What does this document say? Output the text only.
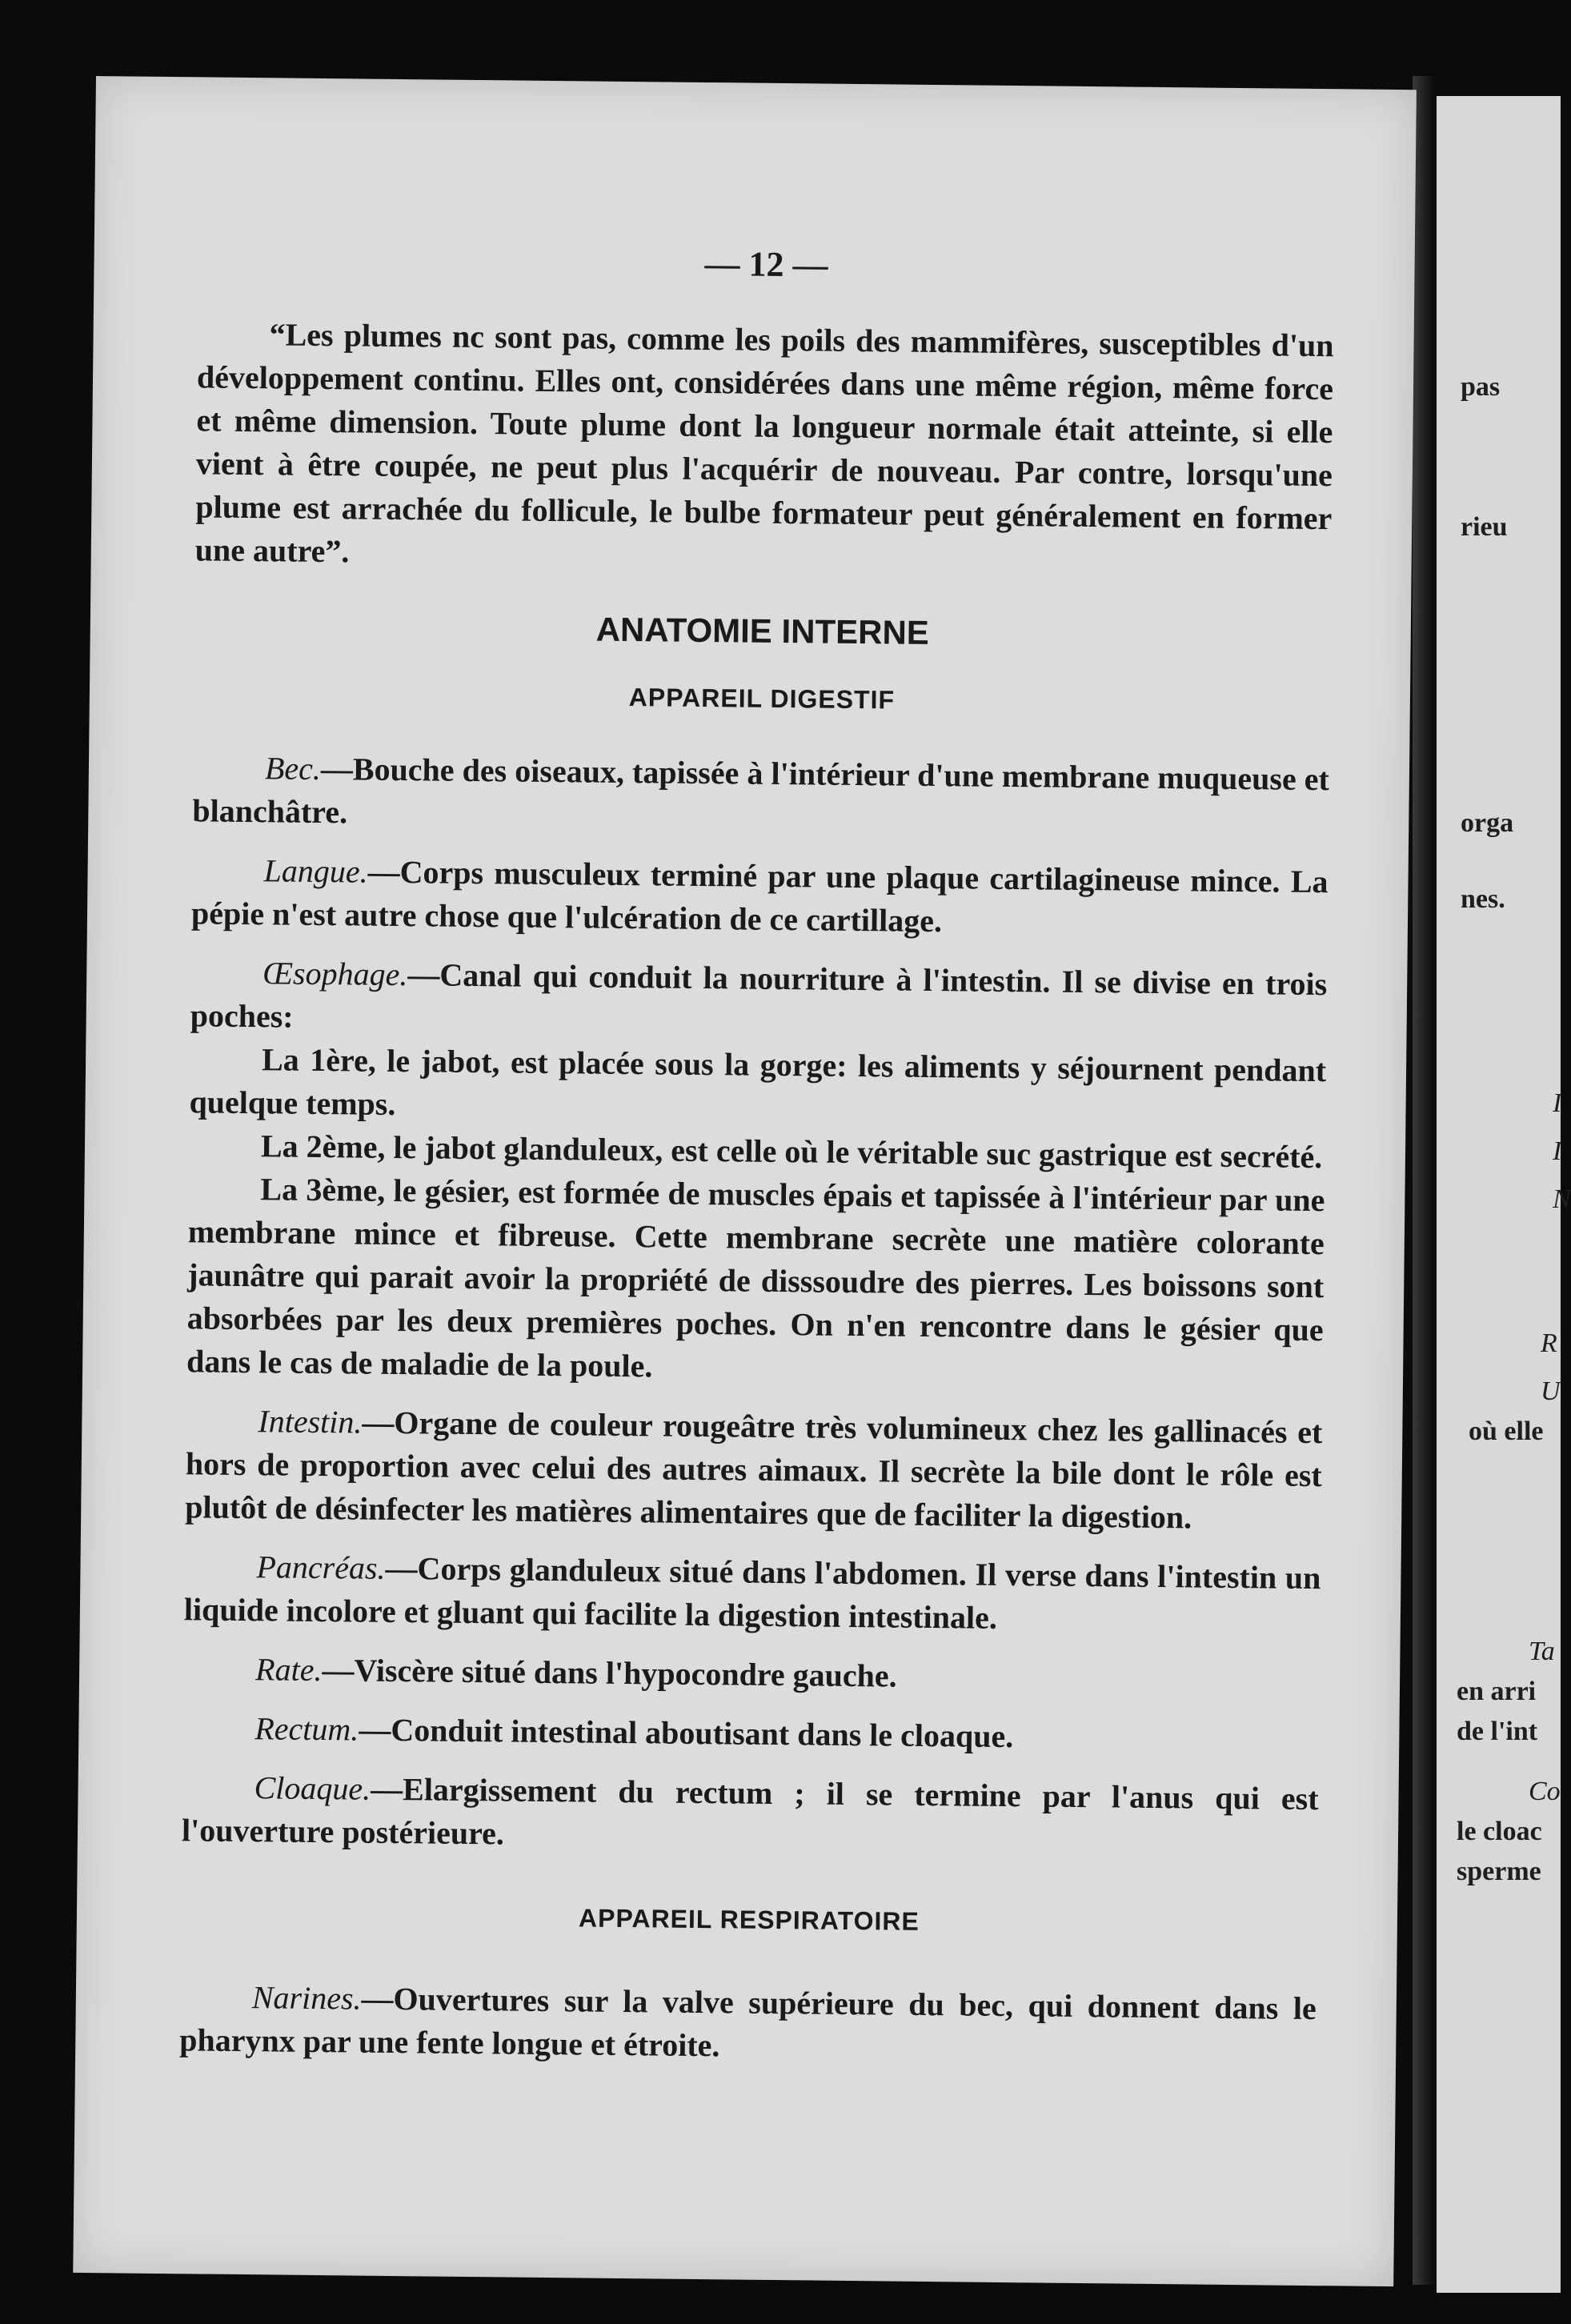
pas
rieu
orga
nes.
I
I
N
R
U
où elle
Ta
en arri
de l'int
Co
le cloac
sperme
— 12 —

“Les plumes nc sont pas, comme les poils des mammifères, susceptibles d'un développement continu. Elles ont, considérées dans une même région, même force et même dimension. Toute plume dont la longueur normale était atteinte, si elle vient à être coupée, ne peut plus l'acquérir de nouveau. Par contre, lorsqu'une plume est arrachée du follicule, le bulbe formateur peut généralement en former une autre”.

ANATOMIE INTERNE
APPAREIL DIGESTIF

Bec.—Bouche des oiseaux, tapissée à l'intérieur d'une membrane muqueuse et blanchâtre.

Langue.—Corps musculeux terminé par une plaque cartilagineuse mince. La pépie n'est autre chose que l'ulcération de ce cartillage.

Œsophage.—Canal qui conduit la nourriture à l'intestin. Il se divise en trois poches:

La 1ère, le jabot, est placée sous la gorge: les aliments y séjournent pendant quelque temps.

La 2ème, le jabot glanduleux, est celle où le véritable suc gastrique est secrété.

La 3ème, le gésier, est formée de muscles épais et tapissée à l'intérieur par une membrane mince et fibreuse. Cette membrane secrète une matière colorante jaunâtre qui parait avoir la propriété de disssoudre des pierres. Les boissons sont absorbées par les deux premières poches. On n'en rencontre dans le gésier que dans le cas de maladie de la poule.

Intestin.—Organe de couleur rougeâtre très volumineux chez les gallinacés et hors de proportion avec celui des autres aimaux. Il secrète la bile dont le rôle est plutôt de désinfecter les matières alimentaires que de faciliter la digestion.

Pancréas.—Corps glanduleux situé dans l'abdomen. Il verse dans l'intestin un liquide incolore et gluant qui facilite la digestion intestinale.

Rate.—Viscère situé dans l'hypocondre gauche.

Rectum.—Conduit intestinal aboutisant dans le cloaque.

Cloaque.—Elargissement du rectum ; il se termine par l'anus qui est l'ouverture postérieure.

APPAREIL RESPIRATOIRE

Narines.—Ouvertures sur la valve supérieure du bec, qui donnent dans le pharynx par une fente longue et étroite.
